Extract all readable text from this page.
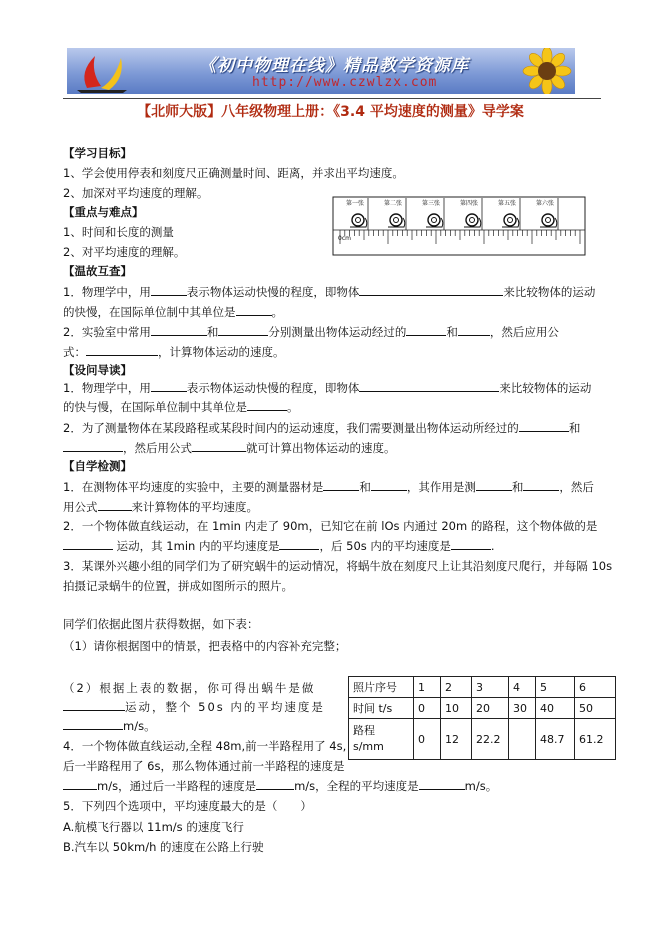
《初中物理在线》精品教学资源库
http://www.czwlzx.com
【北师大版】八年级物理上册：《3.4 平均速度的测量》导学案
【学习目标】
1、学会使用停表和刻度尺正确测量时间、距离，并求出平均速度。
2、加深对平均速度的理解。
【重点与难点】
1、时间和长度的测量
2、对平均速度的理解。
第一张	第二张	第三张	第四张	第五张	第六张
0cm
【温故互查】
1．物理学中，用	表示物体运动快慢的程度，即物体	来比较物体的运动
的快慢，在国际单位制中其单位是	。
2．实验室中常用	和	分别测量出物体运动经过的	和	，然后应用公
式：	，计算物体运动的速度。
【设问导读】
1．物理学中，用	表示物体运动快慢的程度，即物体	来比较物体的运动
的快与慢，在国际单位制中其单位是	。
2．为了测量物体在某段路程或某段时间内的运动速度，我们需要测量出物体运动所经过的	和
，然后用公式	就可计算出物体运动的速度。
【自学检测】
1．在测物体平均速度的实验中，主要的测量器材是	和	，其作用是测	和	，然后
用公式	来计算物体的平均速度。
2．一个物体做直线运动，在 1min 内走了 90m，已知它在前 lOs 内通过 20m 的路程，这个物体做的是
运动，其 1min 内的平均速度是	，后 50s 内的平均速度是	.
3．某课外兴趣小组的同学们为了研究蜗牛的运动情况，将蜗牛放在刻度尺上让其沿刻度尺爬行，并每隔 10s
拍摄记录蜗牛的位置，拼成如图所示的照片。
同学们依据此图片获得数据，如下表：
（1）请你根据图中的情景，把表格中的内容补充完整；
（2）根据上表的数据，你可得出蜗牛是做
运动，整个 50s 内的平均速度是
m/s。
照片序号	1	2	3	4	5	6
时间 t/s	0	10	20	30	40	50
路程
s/mm	0	12	22.2		48.7	61.2
4．一个物体做直线运动,全程 48m,前一半路程用了 4s,
后一半路程用了 6s，那么物体通过前一半路程的速度是
m/s，通过后一半路程的速度是	m/s，全程的平均速度是	m/s。
5．下列四个选项中，平均速度最大的是（　　）
A.航模飞行器以 11m/s 的速度飞行
B.汽车以 50km/h 的速度在公路上行驶
